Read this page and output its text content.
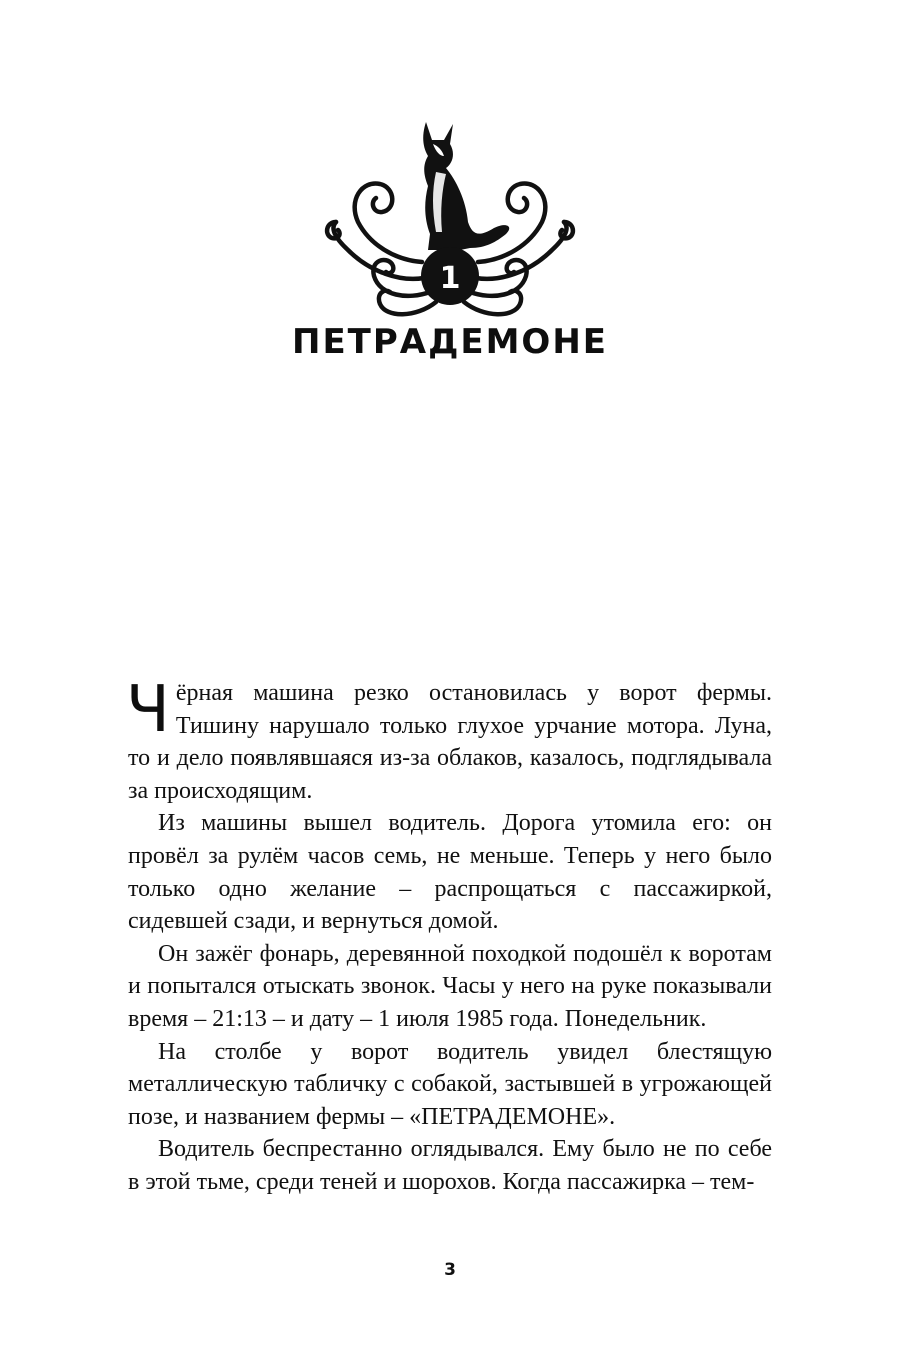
1
ПЕТРАДЕМОНЕ

Чёрная машина резко остановилась у ворот фермы. Тишину нарушало только глухое урчание мотора. Луна, то и дело появлявшаяся из-за облаков, казалось, подглядывала за происходящим.

Из машины вышел водитель. Дорога утомила его: он провёл за рулём часов семь, не меньше. Теперь у него было только одно желание – распрощаться с пассажиркой, сидевшей сзади, и вернуться домой.

Он зажёг фонарь, деревянной походкой подошёл к воротам и попытался отыскать звонок. Часы у него на руке показывали время – 21:13 – и дату – 1 июля 1985 года. Понедельник.

На столбе у ворот водитель увидел блестящую металлическую табличку с собакой, застывшей в угрожающей позе, и названием фермы – «ПЕТРАДЕМОНЕ».

Водитель беспрестанно оглядывался. Ему было не по себе в этой тьме, среди теней и шорохов. Когда пассажирка – тем-

3
